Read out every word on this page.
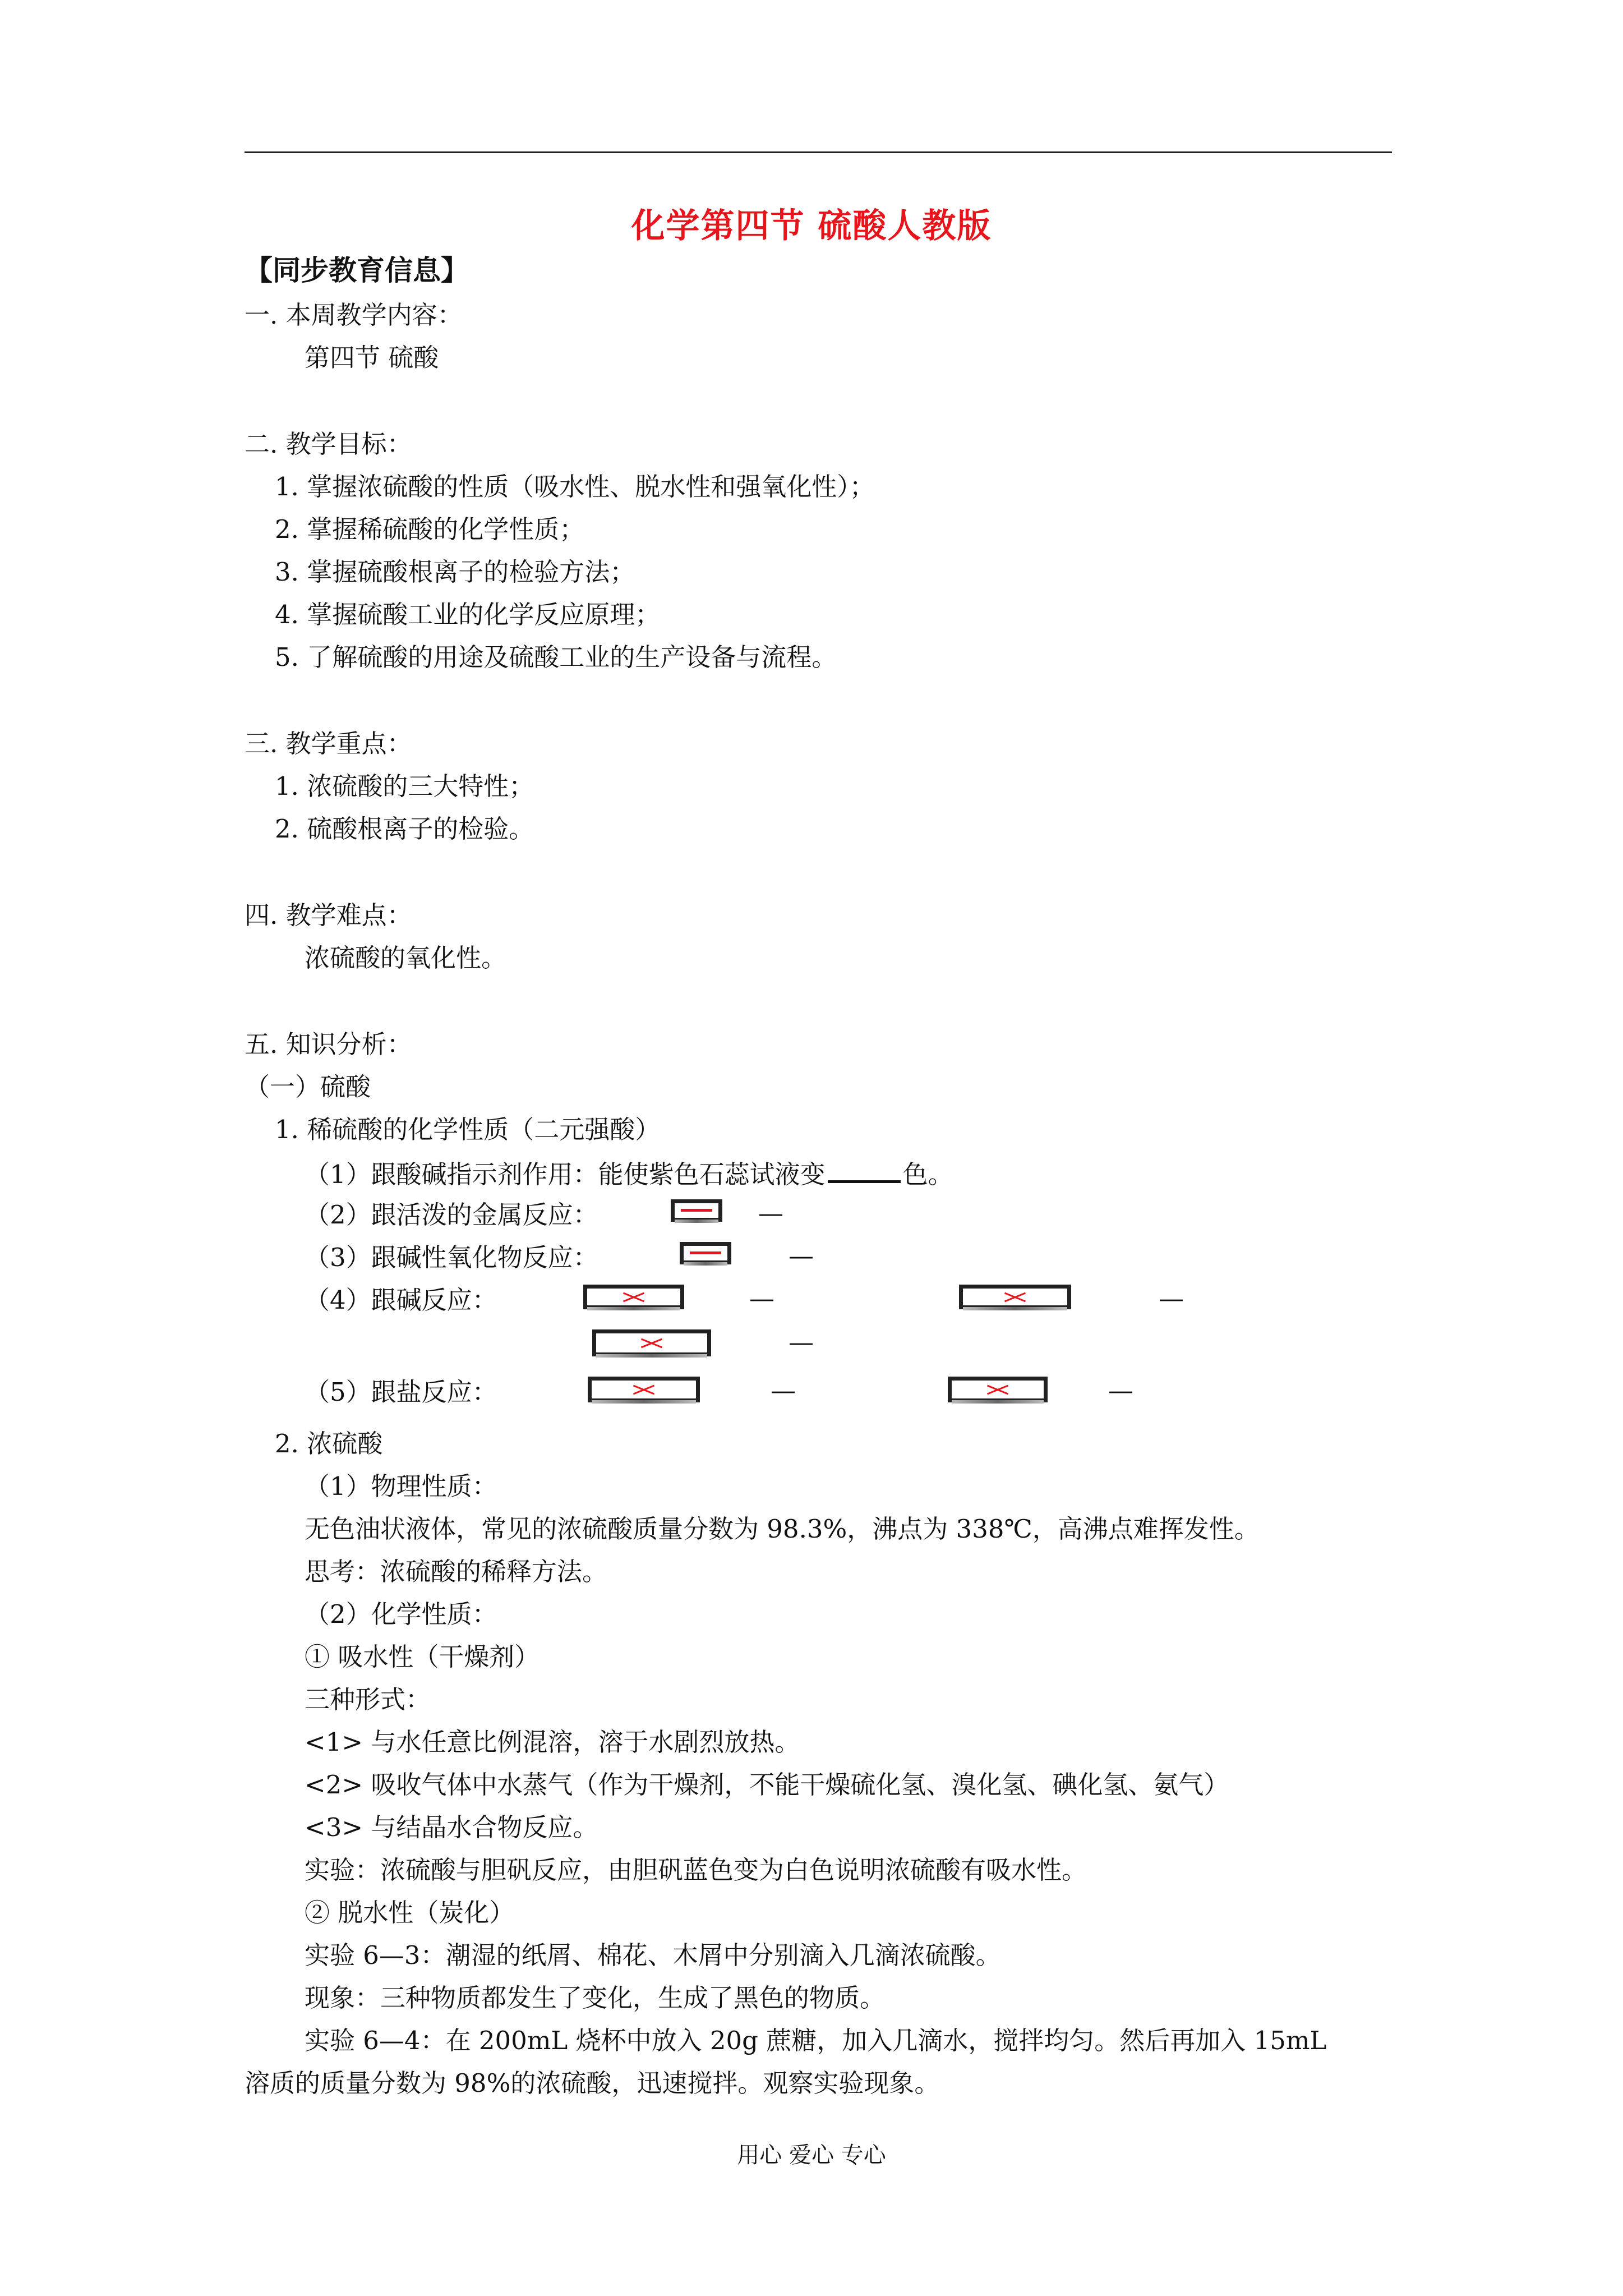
化学第四节 硫酸人教版
【同步教育信息】
一. 本周教学内容：
第四节 硫酸
二. 教学目标：
1. 掌握浓硫酸的性质（吸水性、脱水性和强氧化性）；
2. 掌握稀硫酸的化学性质；
3. 掌握硫酸根离子的检验方法；
4. 掌握硫酸工业的化学反应原理；
5. 了解硫酸的用途及硫酸工业的生产设备与流程。
三. 教学重点：
1. 浓硫酸的三大特性；
2. 硫酸根离子的检验。
四. 教学难点：
浓硫酸的氧化性。
五. 知识分析：
（一）硫酸
1. 稀硫酸的化学性质（二元强酸）
（1）跟酸碱指示剂作用：能使紫色石蕊试液变	色。
（2）跟活泼的金属反应：	—
（3）跟碱性氧化物反应：	—
（4）跟碱反应：	—	—
—
（5）跟盐反应：	—	—
2. 浓硫酸
（1）物理性质：
无色油状液体，常见的浓硫酸质量分数为 98.3%，沸点为 338℃，高沸点难挥发性。
思考：浓硫酸的稀释方法。
（2）化学性质：
① 吸水性（干燥剂）
三种形式：
<1> 与水任意比例混溶，溶于水剧烈放热。
<2> 吸收气体中水蒸气（作为干燥剂，不能干燥硫化氢、溴化氢、碘化氢、氨气）
<3> 与结晶水合物反应。
实验：浓硫酸与胆矾反应，由胆矾蓝色变为白色说明浓硫酸有吸水性。
② 脱水性（炭化）
实验 6—3：潮湿的纸屑、棉花、木屑中分别滴入几滴浓硫酸。
现象：三种物质都发生了变化，生成了黑色的物质。
实验 6—4：在 200mL 烧杯中放入 20g 蔗糖，加入几滴水，搅拌均匀。然后再加入 15mL
溶质的质量分数为 98%的浓硫酸，迅速搅拌。观察实验现象。
用心 爱心 专心
